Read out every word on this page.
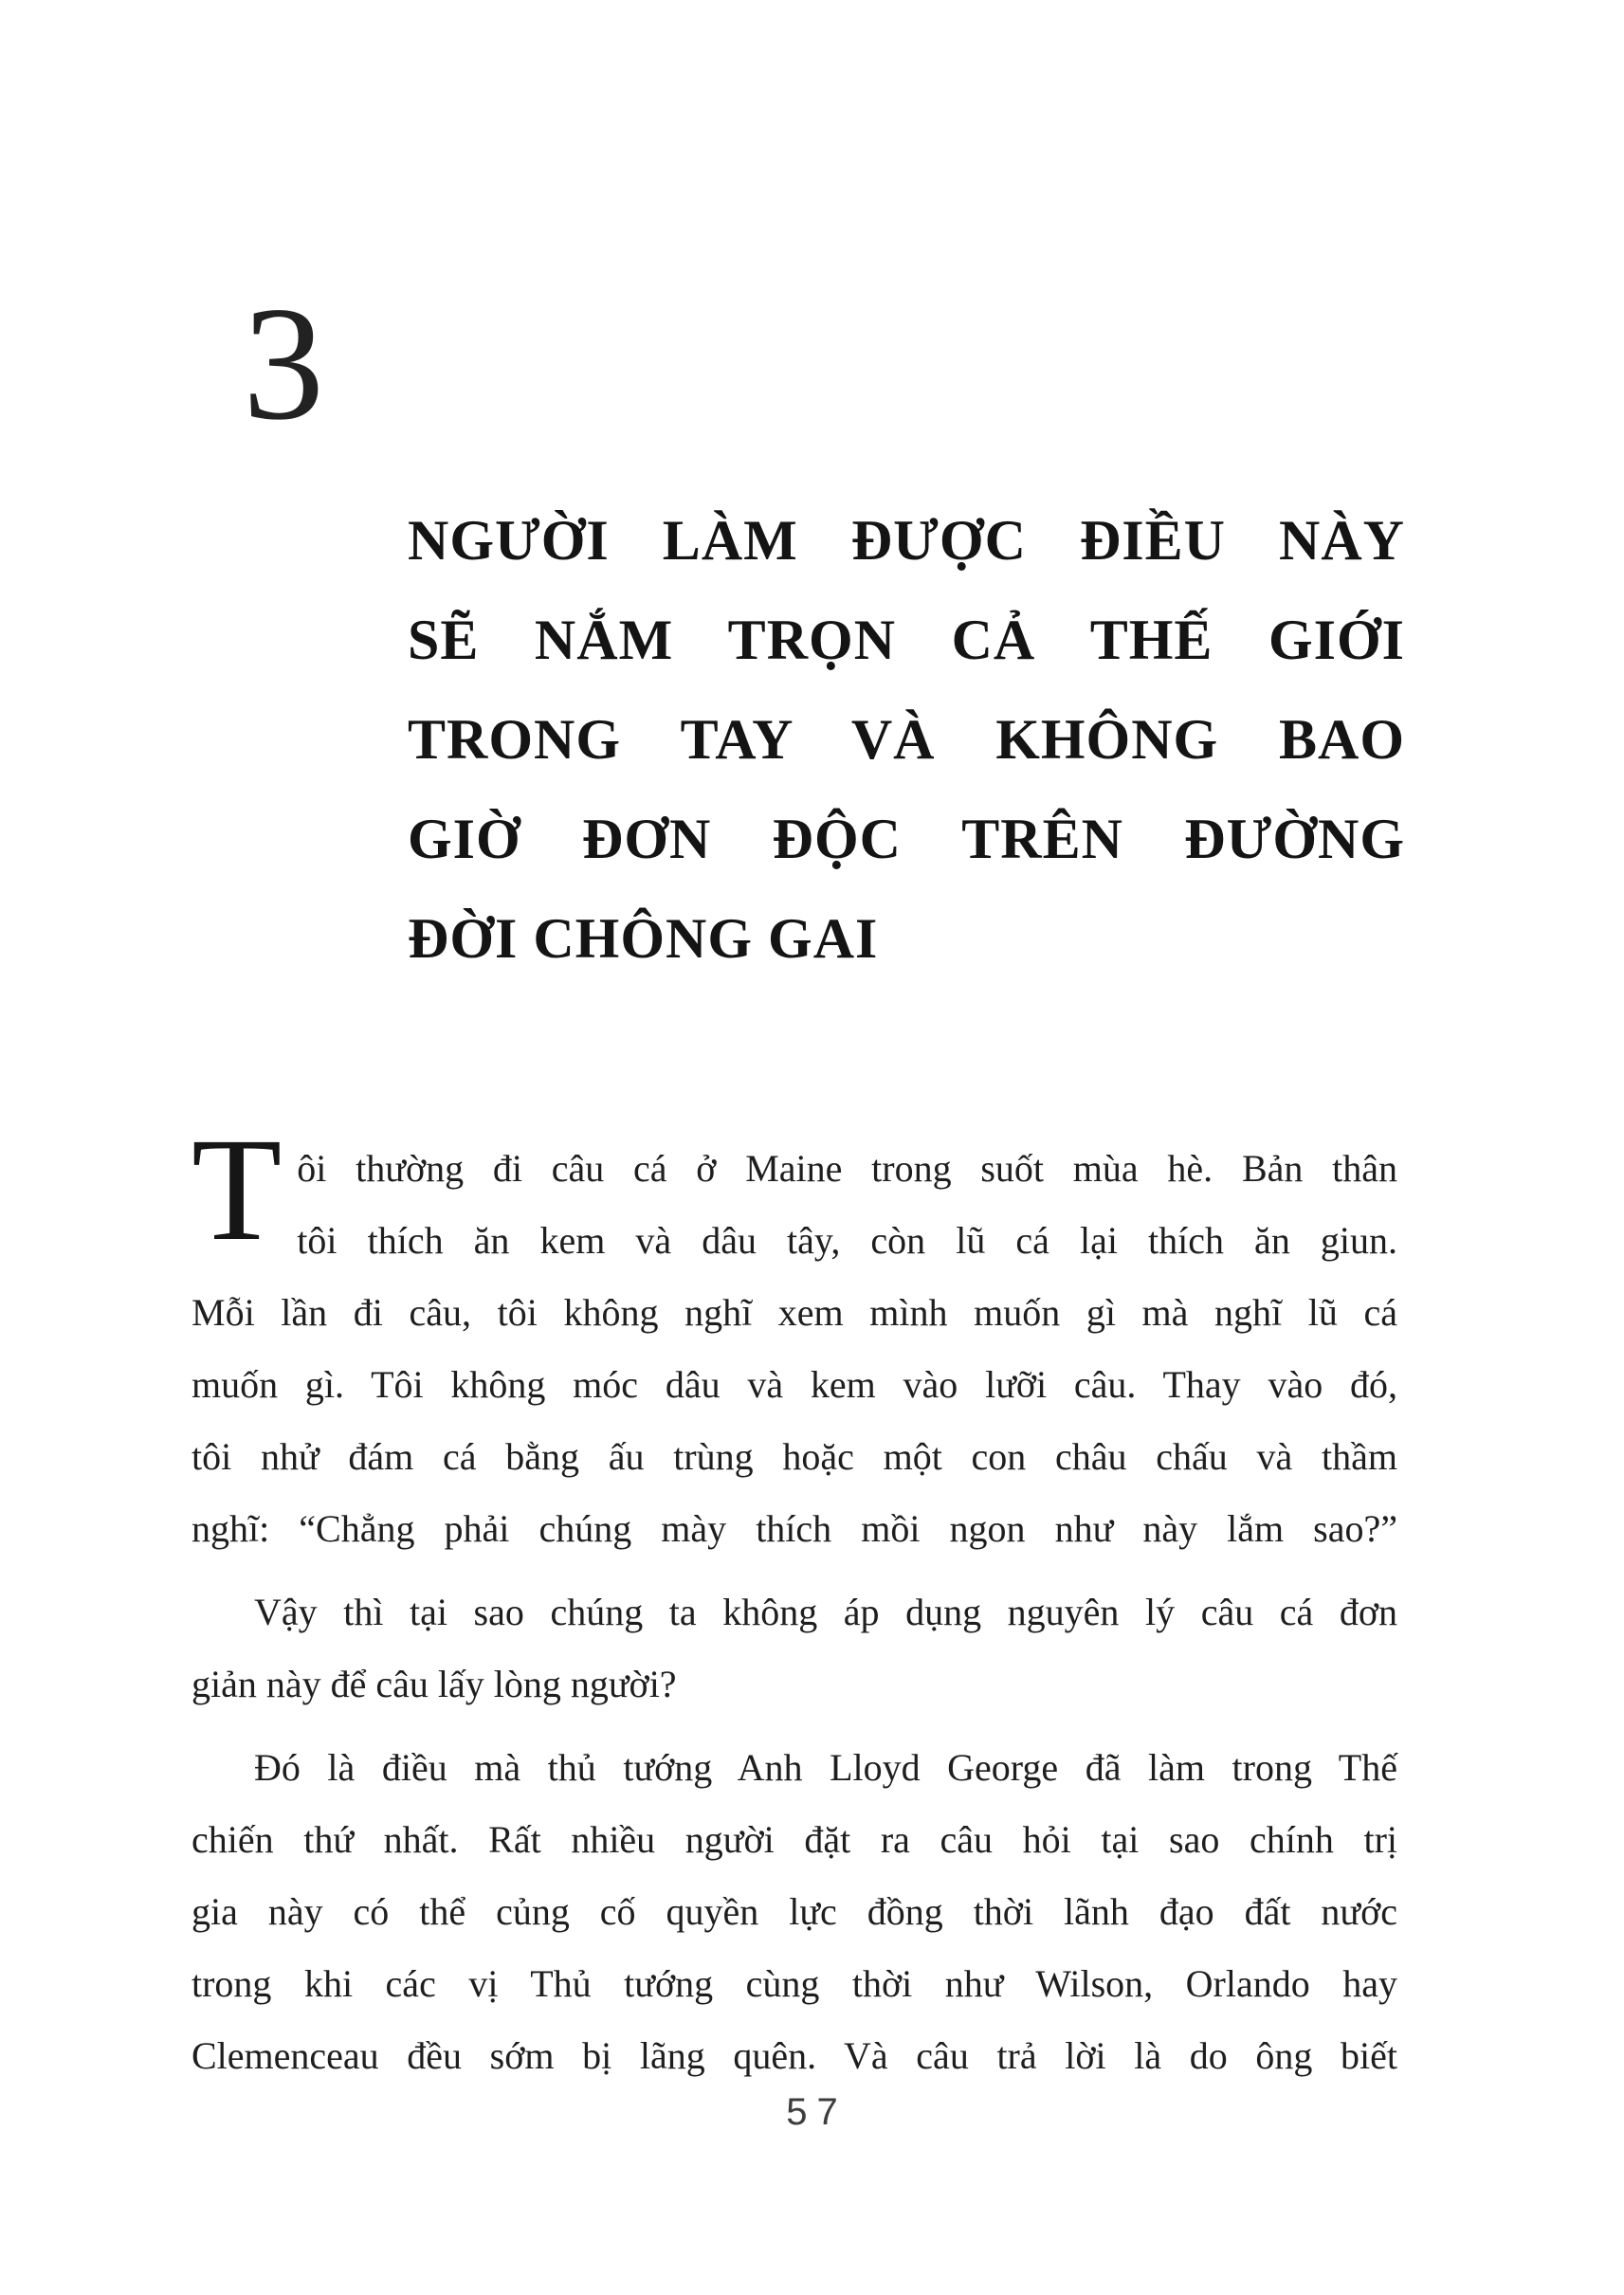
3
NGƯỜI LÀM ĐƯỢC ĐIỀU NÀY
SẼ NẮM TRỌN CẢ THẾ GIỚI
TRONG TAY VÀ KHÔNG BAO
GIỜ ĐƠN ĐỘC TRÊN ĐƯỜNG
ĐỜI CHÔNG GAI
T ôi thường đi câu cá ở Maine trong suốt mùa hè. Bản thân
tôi thích ăn kem và dâu tây, còn lũ cá lại thích ăn giun.
Mỗi lần đi câu, tôi không nghĩ xem mình muốn gì mà nghĩ lũ cá
muốn gì. Tôi không móc dâu và kem vào lưỡi câu. Thay vào đó,
tôi nhử đám cá bằng ấu trùng hoặc một con châu chấu và thầm
nghĩ: “Chẳng phải chúng mày thích mồi ngon như này lắm sao?”
Vậy thì tại sao chúng ta không áp dụng nguyên lý câu cá đơn
giản này để câu lấy lòng người?
Đó là điều mà thủ tướng Anh Lloyd George đã làm trong Thế
chiến thứ nhất. Rất nhiều người đặt ra câu hỏi tại sao chính trị
gia này có thể củng cố quyền lực đồng thời lãnh đạo đất nước
trong khi các vị Thủ tướng cùng thời như Wilson, Orlando hay
Clemenceau đều sớm bị lãng quên. Và câu trả lời là do ông biết
57
